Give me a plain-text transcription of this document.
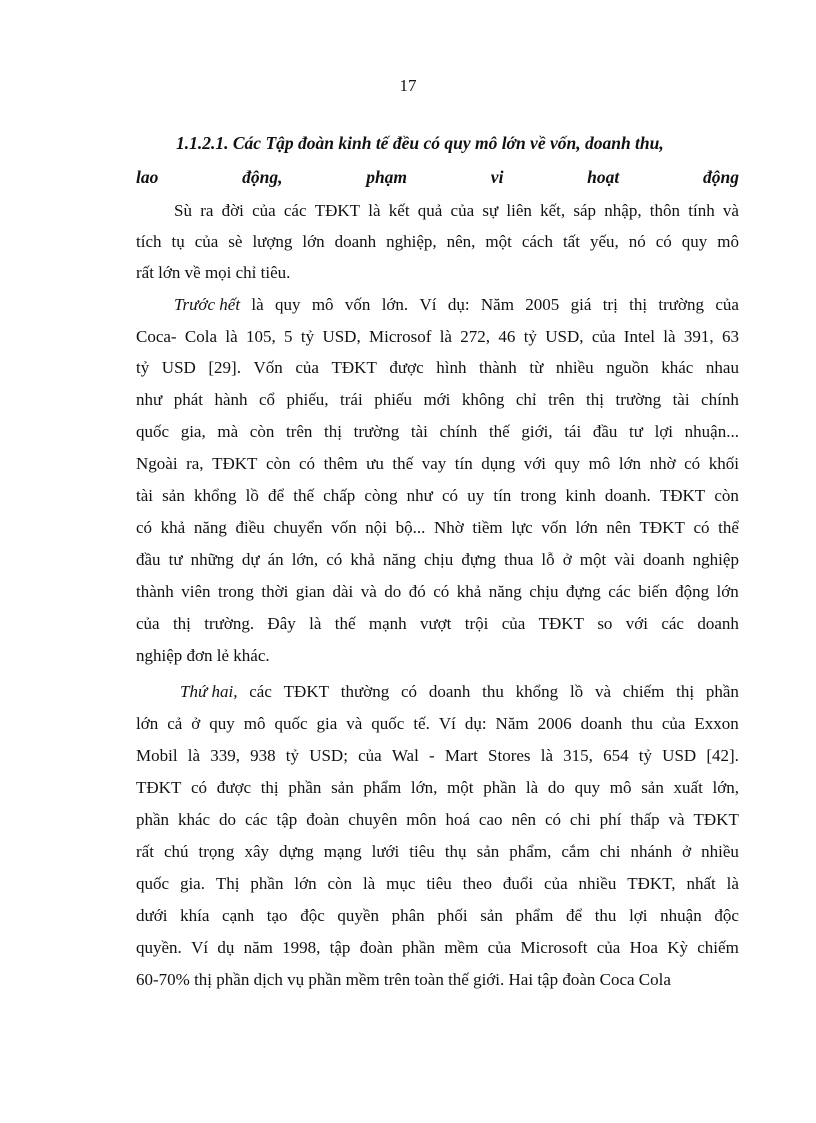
17
1.1.2.1. Các Tập đoàn kinh tế đều có quy mô lớn về vốn, doanh thu,
lao	động,	phạm	vi	hoạt	động
Sù ra đời của các TĐKT là kết quả của sự liên kết, sáp nhập, thôn tính và
tích tụ của sè lượng lớn doanh nghiệp, nên, một cách tất yếu, nó có quy mô
rất lớn về mọi chỉ tiêu.
Trước hết là quy mô vốn lớn. Ví dụ: Năm 2005 giá trị thị trường của
Coca- Cola là 105, 5 tỷ USD, Microsof là 272, 46 tỷ USD, của Intel là 391, 63
tỷ USD [29]. Vốn của TĐKT được hình thành từ nhiều nguồn khác nhau
như phát hành cổ phiếu, trái phiếu mới không chỉ trên thị trường tài chính
quốc gia, mà còn trên thị trường tài chính thế giới, tái đầu tư lợi nhuận...
Ngoài ra, TĐKT còn có thêm ưu thế vay tín dụng với quy mô lớn nhờ có khối
tài sản khổng lồ để thế chấp còng như có uy tín trong kinh doanh. TĐKT còn
có khả năng điều chuyển vốn nội bộ... Nhờ tiềm lực vốn lớn nên TĐKT có thể
đầu tư những dự án lớn, có khả năng chịu đựng thua lỗ ở một vài doanh nghiệp
thành viên trong thời gian dài và do đó có khả năng chịu đựng các biến động lớn
của thị trường. Đây là thế mạnh vượt trội của TĐKT so với các doanh
nghiệp đơn lẻ khác.
Thứ hai, các TĐKT thường có doanh thu khổng lồ và chiếm thị phần
lớn cả ở quy mô quốc gia và quốc tế. Ví dụ: Năm 2006 doanh thu của Exxon
Mobil là 339, 938 tỷ USD; của Wal - Mart Stores là 315, 654 tỷ USD [42].
TĐKT có được thị phần sản phẩm lớn, một phần là do quy mô sản xuất lớn,
phần khác do các tập đoàn chuyên môn hoá cao nên có chi phí thấp và TĐKT
rất chú trọng xây dựng mạng lưới tiêu thụ sản phẩm, cắm chi nhánh ở nhiều
quốc gia. Thị phần lớn còn là mục tiêu theo đuổi của nhiều TĐKT, nhất là
dưới khía cạnh tạo độc quyền phân phối sản phẩm để thu lợi nhuận độc
quyền. Ví dụ năm 1998, tập đoàn phần mềm của Microsoft của Hoa Kỳ chiếm
60-70% thị phần dịch vụ phần mềm trên toàn thế giới. Hai tập đoàn Coca Cola
